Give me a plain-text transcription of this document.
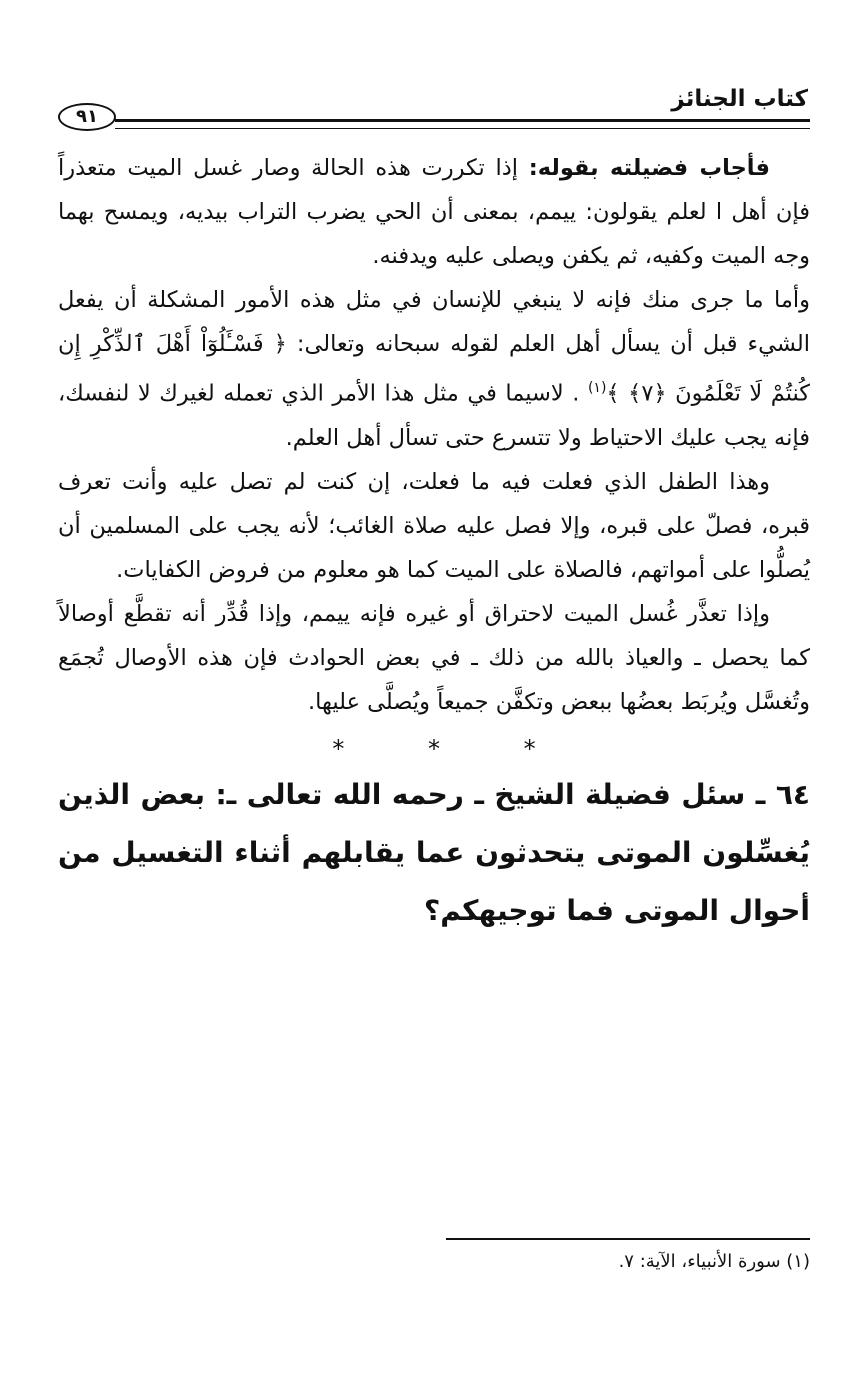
كتاب الجنائز
٩١

فأجاب فضيلته بقوله: إذا تكررت هذه الحالة وصار غسل الميت متعذراً فإن أهل ا لعلم يقولون: ييمم، بمعنى أن الحي يضرب التراب بيديه، ويمسح بهما وجه الميت وكفيه، ثم يكفن ويصلى عليه ويدفنه.

وأما ما جرى منك فإنه لا ينبغي للإنسان في مثل هذه الأمور المشكلة أن يفعل الشيء قبل أن يسأل أهل العلم لقوله سبحانه وتعالى: ﴿ فَسْـَٔلُوٓاْ أَهْلَ ٱلذِّكْرِ إِن كُنتُمْ لَا تَعْلَمُونَ ﴿٧﴾ ﴾$^{(١)}$ . لاسيما في مثل هذا الأمر الذي تعمله لغيرك لا لنفسك، فإنه يجب عليك الاحتياط ولا تتسرع حتى تسأل أهل العلم.

وهذا الطفل الذي فعلت فيه ما فعلت، إن كنت لم تصل عليه وأنت تعرف قبره، فصلّ على قبره، وإلا فصل عليه صلاة الغائب؛ لأنه يجب على المسلمين أن يُصلُّوا على أمواتهم، فالصلاة على الميت كما هو معلوم من فروض الكفايات.

وإذا تعذَّر غُسل الميت لاحتراق أو غيره فإنه ييمم، وإذا قُدِّر أنه تقطَّع أوصالاً كما يحصل ـ والعياذ بالله من ذلك ـ في بعض الحوادث فإن هذه الأوصال تُجمَع وتُغسَّل ويُربَط بعضُها ببعض وتكفَّن جميعاً ويُصلَّى عليها.

* * *

٦٤ ـ سئل فضيلة الشيخ ـ رحمه الله تعالى ـ: بعض الذين يُغسِّلون الموتى يتحدثون عما يقابلهم أثناء التغسيل من أحوال الموتى فما توجيهكم؟

(١) سورة الأنبياء، الآية: ٧.
